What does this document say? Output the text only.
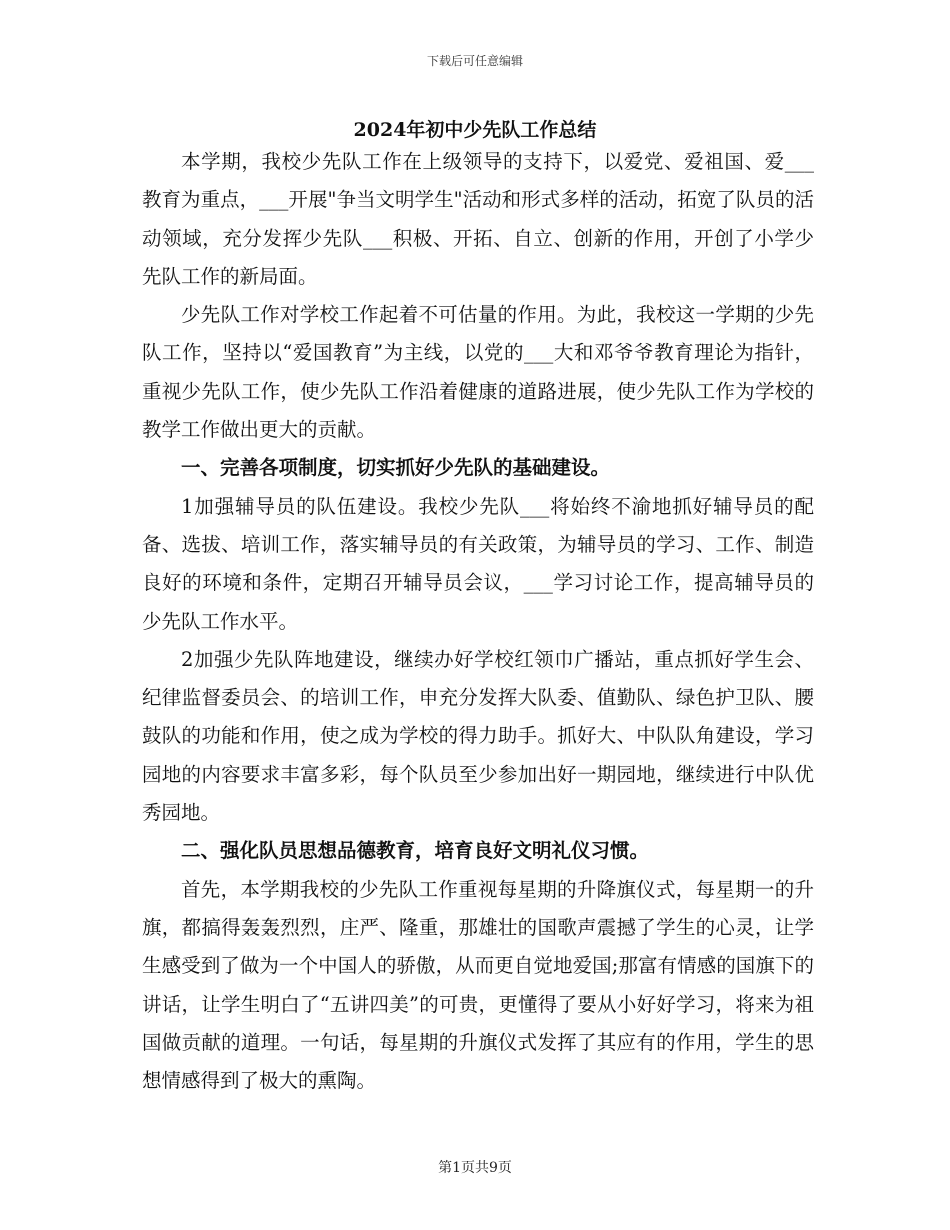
下载后可任意编辑
2024年初中少先队工作总结

本学期，我校少先队工作在上级领导的支持下，以爱党、爱祖国、爱___教育为重点，___开展"争当文明学生"活动和形式多样的活动，拓宽了队员的活动领域，充分发挥少先队___积极、开拓、自立、创新的作用，开创了小学少先队工作的新局面。

少先队工作对学校工作起着不可估量的作用。为此，我校这一学期的少先队工作，坚持以“爱国教育”为主线，以党的___大和邓爷爷教育理论为指针，重视少先队工作，使少先队工作沿着健康的道路进展，使少先队工作为学校的教学工作做出更大的贡献。

一、完善各项制度，切实抓好少先队的基础建设。

1加强辅导员的队伍建设。我校少先队___将始终不渝地抓好辅导员的配备、选拔、培训工作，落实辅导员的有关政策，为辅导员的学习、工作、制造良好的环境和条件，定期召开辅导员会议，___学习讨论工作，提高辅导员的少先队工作水平。

2加强少先队阵地建设，继续办好学校红领巾广播站，重点抓好学生会、纪律监督委员会、的培训工作，申充分发挥大队委、值勤队、绿色护卫队、腰鼓队的功能和作用，使之成为学校的得力助手。抓好大、中队队角建设，学习园地的内容要求丰富多彩，每个队员至少参加出好一期园地，继续进行中队优秀园地。

二、强化队员思想品德教育，培育良好文明礼仪习惯。

首先，本学期我校的少先队工作重视每星期的升降旗仪式，每星期一的升旗，都搞得轰轰烈烈，庄严、隆重，那雄壮的国歌声震撼了学生的心灵，让学生感受到了做为一个中国人的骄傲，从而更自觉地爱国;那富有情感的国旗下的讲话，让学生明白了“五讲四美”的可贵，更懂得了要从小好好学习，将来为祖国做贡献的道理。一句话，每星期的升旗仪式发挥了其应有的作用，学生的思想情感得到了极大的熏陶。

第1页共9页
